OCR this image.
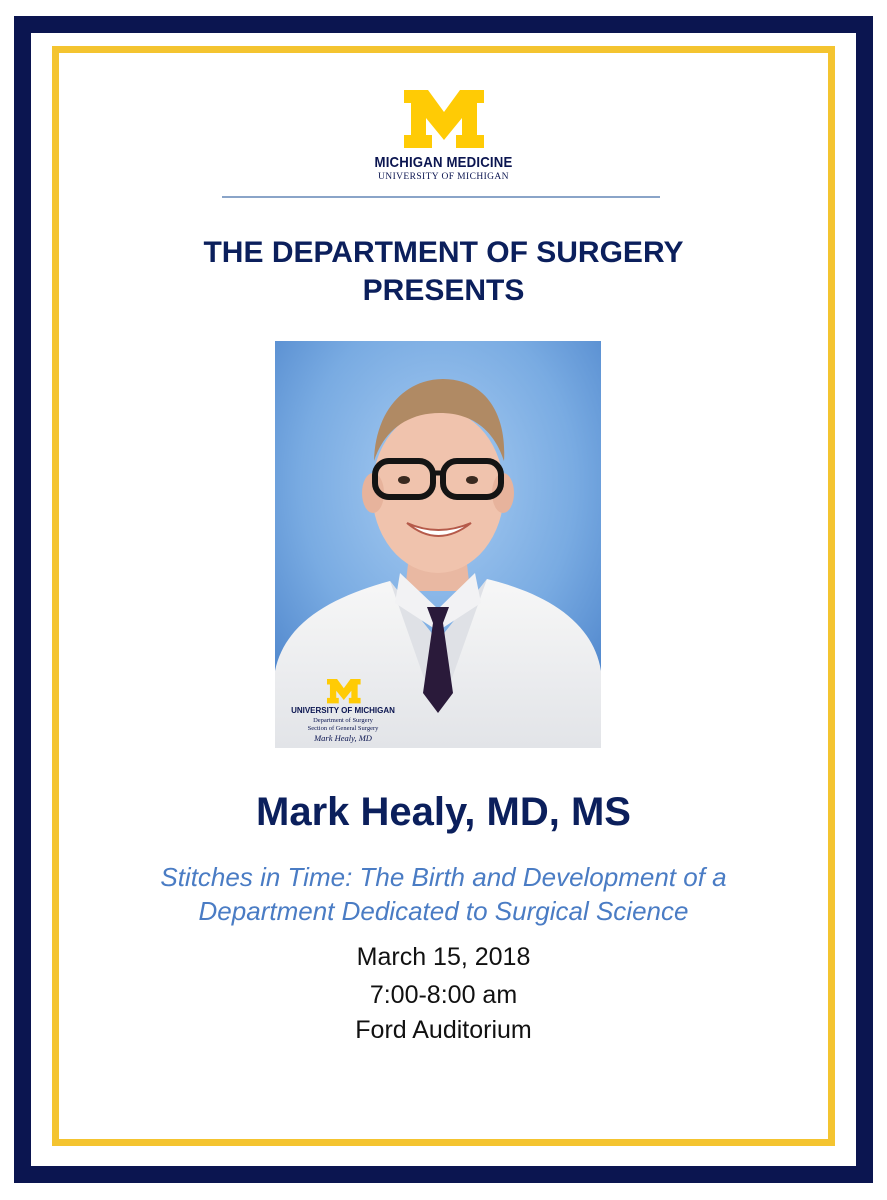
MICHIGAN MEDICINE
UNIVERSITY OF MICHIGAN
THE DEPARTMENT OF SURGERY
PRESENTS
UNIVERSITY OF MICHIGAN
Department of Surgery
Section of General Surgery
Mark Healy, MD
Mark Healy, MD, MS
Stitches in Time: The Birth and Development of a
Department Dedicated to Surgical Science
March 15, 2018
7:00-8:00 am
Ford Auditorium
